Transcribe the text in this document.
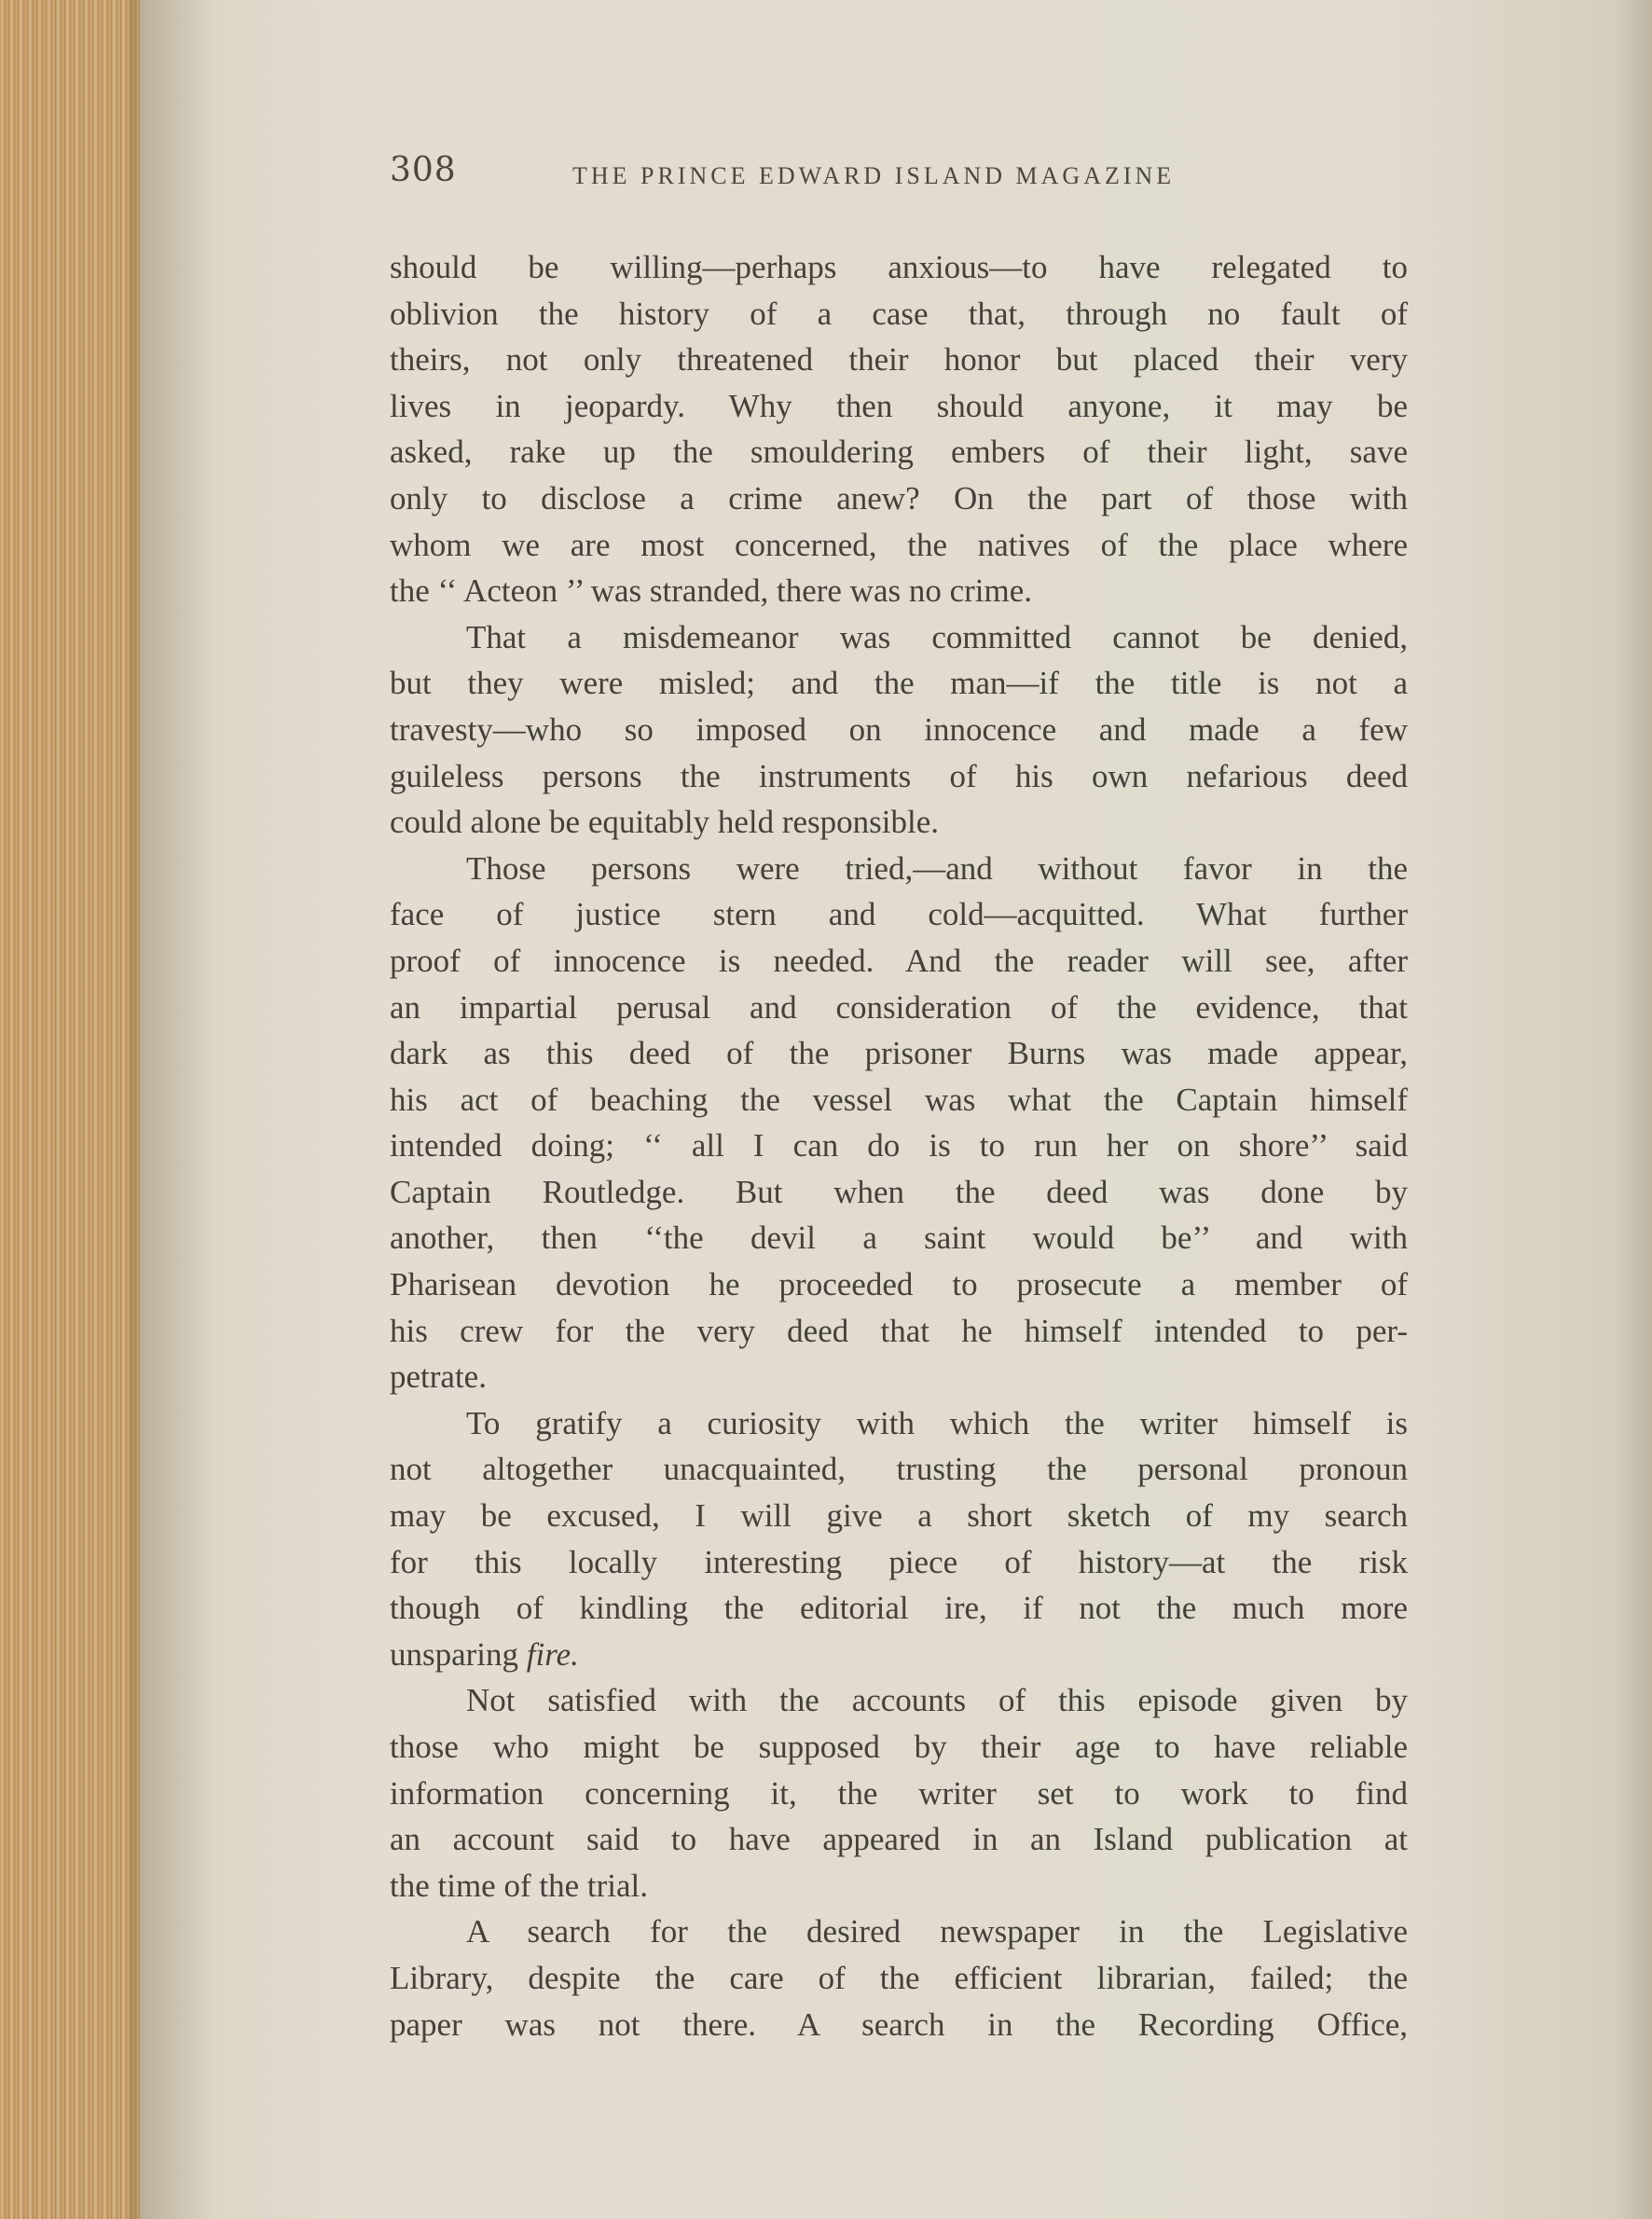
308	THE PRINCE EDWARD ISLAND MAGAZINE
should be willing—perhaps anxious—to have relegated to
oblivion the history of a case that, through no fault of
theirs, not only threatened their honor but placed their very
lives in jeopardy. Why then should anyone, it may be
asked, rake up the smouldering embers of their light, save
only to disclose a crime anew? On the part of those with
whom we are most concerned, the natives of the place where
the ‘‘ Acteon ’’ was stranded, there was no crime.
That a misdemeanor was committed cannot be denied,
but they were misled; and the man—if the title is not a
travesty—who so imposed on innocence and made a few
guileless persons the instruments of his own nefarious deed
could alone be equitably held responsible.
Those persons were tried,—and without favor in the
face of justice stern and cold—acquitted. What further
proof of innocence is needed. And the reader will see, after
an impartial perusal and consideration of the evidence, that
dark as this deed of the prisoner Burns was made appear,
his act of beaching the vessel was what the Captain himself
intended doing; ‘‘ all I can do is to run her on shore’’ said
Captain Routledge. But when the deed was done by
another, then ‘‘the devil a saint would be’’ and with
Pharisean devotion he proceeded to prosecute a member of
his crew for the very deed that he himself intended to per-
petrate.
To gratify a curiosity with which the writer himself is
not altogether unacquainted, trusting the personal pronoun
may be excused, I will give a short sketch of my search
for this locally interesting piece of history—at the risk
though of kindling the editorial ire, if not the much more
unsparing fire.
Not satisfied with the accounts of this episode given by
those who might be supposed by their age to have reliable
information concerning it, the writer set to work to find
an account said to have appeared in an Island publication at
the time of the trial.
A search for the desired newspaper in the Legislative
Library, despite the care of the efficient librarian, failed; the
paper was not there. A search in the Recording Office,
